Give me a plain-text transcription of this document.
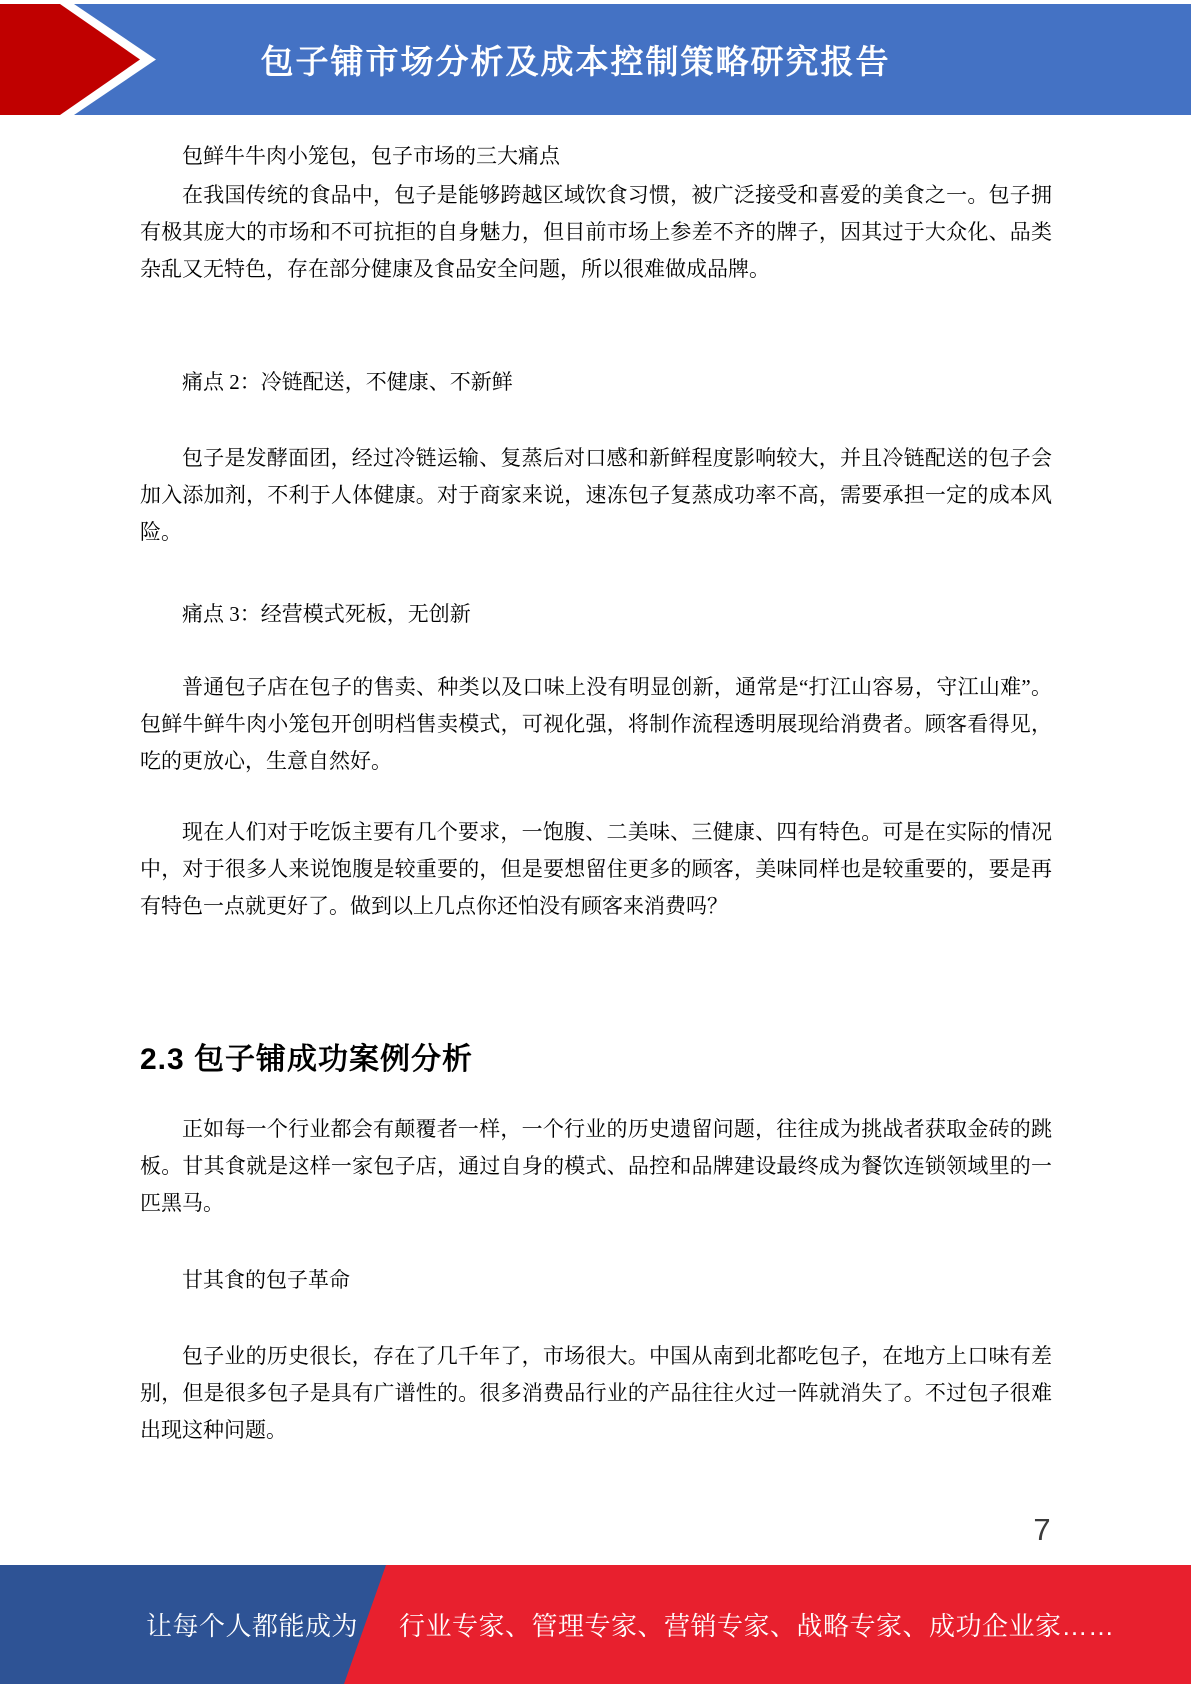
包子铺市场分析及成本控制策略研究报告
包鲜牛牛肉小笼包，包子市场的三大痛点
在我国传统的食品中，包子是能够跨越区域饮食习惯，被广泛接受和喜爱的美食之一。包子拥有极其庞大的市场和不可抗拒的自身魅力，但目前市场上参差不齐的牌子，因其过于大众化、品类杂乱又无特色，存在部分健康及食品安全问题，所以很难做成品牌。
痛点 2：冷链配送，不健康、不新鲜
包子是发酵面团，经过冷链运输、复蒸后对口感和新鲜程度影响较大，并且冷链配送的包子会加入添加剂，不利于人体健康。对于商家来说，速冻包子复蒸成功率不高，需要承担一定的成本风险。
痛点 3：经营模式死板，无创新
普通包子店在包子的售卖、种类以及口味上没有明显创新，通常是“打江山容易，守江山难”。包鲜牛鲜牛肉小笼包开创明档售卖模式，可视化强，将制作流程透明展现给消费者。顾客看得见，吃的更放心，生意自然好。
现在人们对于吃饭主要有几个要求，一饱腹、二美味、三健康、四有特色。可是在实际的情况中，对于很多人来说饱腹是较重要的，但是要想留住更多的顾客，美味同样也是较重要的，要是再有特色一点就更好了。做到以上几点你还怕没有顾客来消费吗？
2.3 包子铺成功案例分析
正如每一个行业都会有颠覆者一样，一个行业的历史遗留问题，往往成为挑战者获取金砖的跳板。甘其食就是这样一家包子店，通过自身的模式、品控和品牌建设最终成为餐饮连锁领域里的一匹黑马。
甘其食的包子革命
包子业的历史很长，存在了几千年了，市场很大。中国从南到北都吃包子，在地方上口味有差别，但是很多包子是具有广谱性的。很多消费品行业的产品往往火过一阵就消失了。不过包子很难出现这种问题。
7
让每个人都能成为 行业专家、管理专家、营销专家、战略专家、成功企业家……
